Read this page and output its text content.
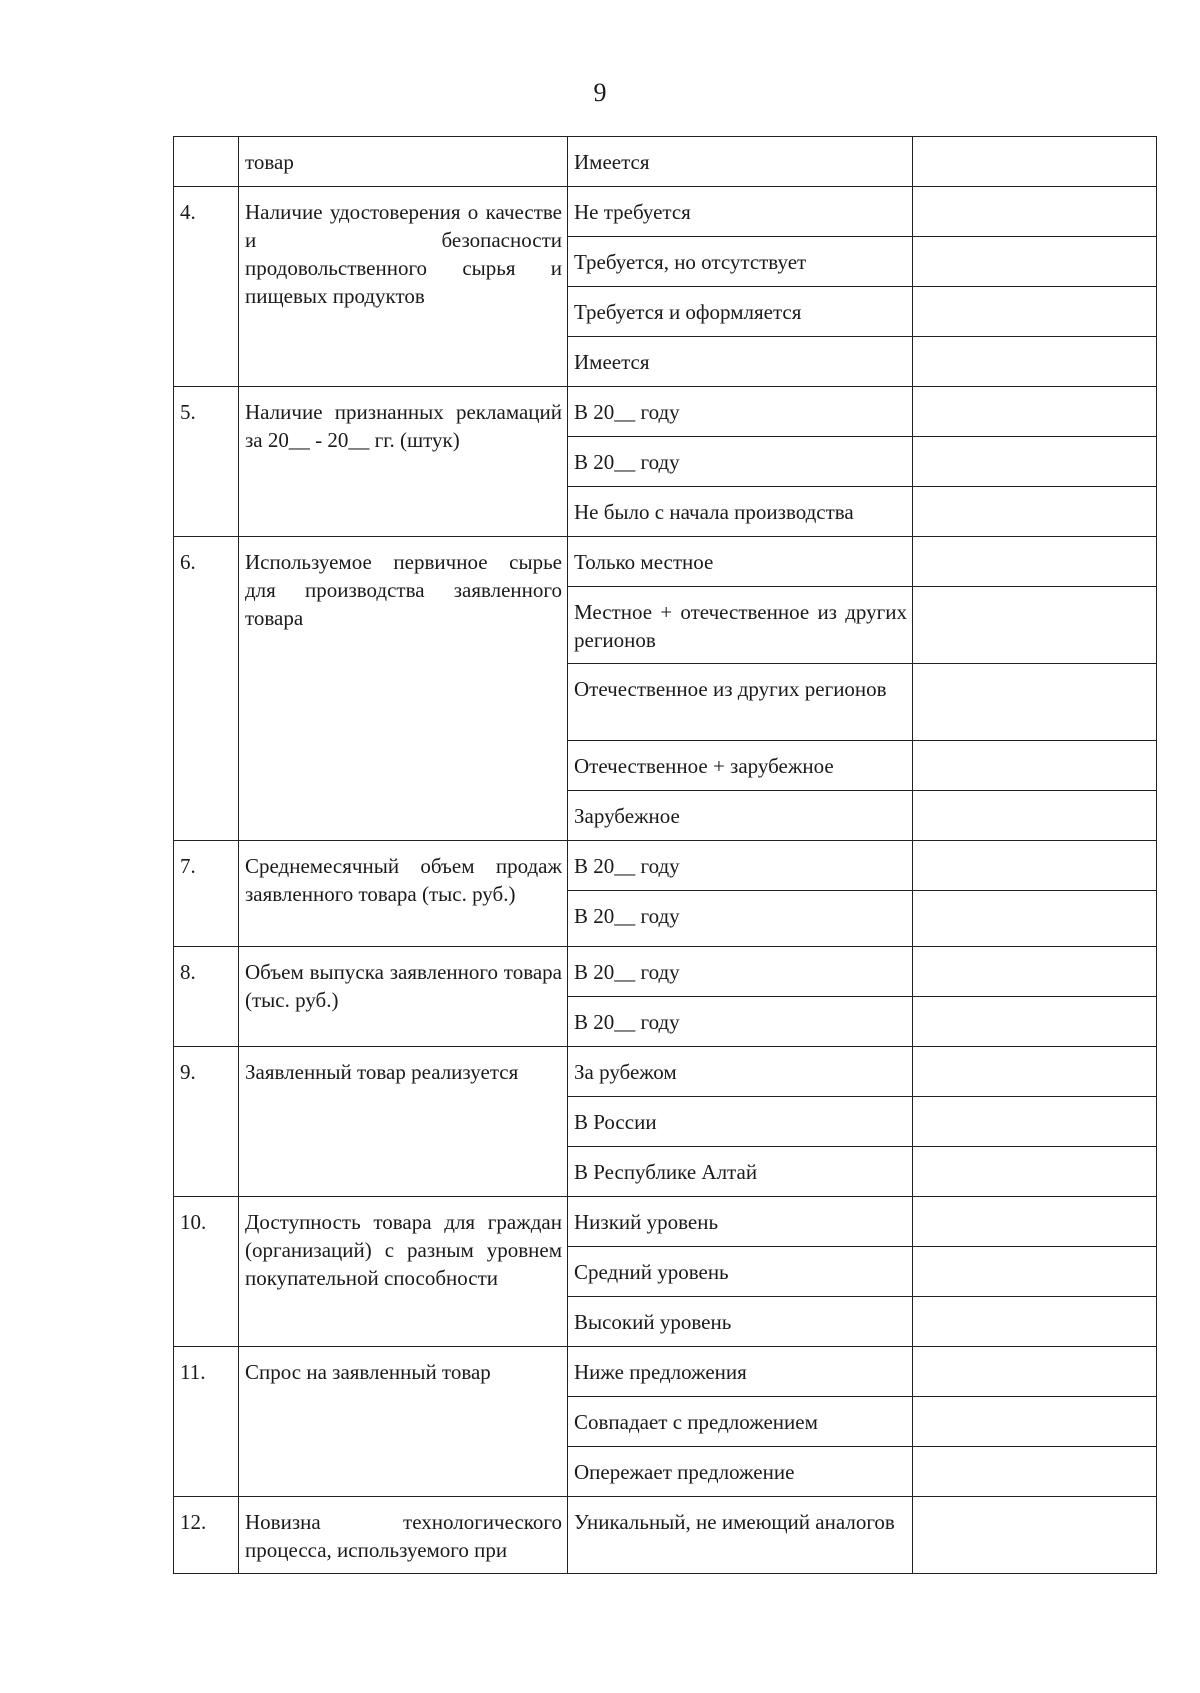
9
	товар	Имеется	
4.	Наличие удостоверения о качестве и безопасности продовольственного сырья и пищевых продуктов	Не требуется	
		Требуется, но отсутствует	
		Требуется и оформляется	
		Имеется	
5.	Наличие признанных рекламаций за 20__ - 20__ гг. (штук)	В 20__ году	
		В 20__ году	
		Не было с начала производства	
6.	Используемое первичное сырье для производства заявленного товара	Только местное	
		Местное + отечественное из других регионов	
		Отечественное из других регионов	
		Отечественное + зарубежное	
		Зарубежное	
7.	Среднемесячный объем продаж заявленного товара (тыс. руб.)	В 20__ году	
		В 20__ году	
8.	Объем выпуска заявленного товара (тыс. руб.)	В 20__ году	
		В 20__ году	
9.	Заявленный товар реализуется	За рубежом	
		В России	
		В Республике Алтай	
10.	Доступность товара для граждан (организаций) с разным уровнем покупательной способности	Низкий уровень	
		Средний уровень	
		Высокий уровень	
11.	Спрос на заявленный товар	Ниже предложения	
		Совпадает с предложением	
		Опережает предложение	
12.	Новизна технологического процесса, используемого при	Уникальный, не имеющий аналогов	
